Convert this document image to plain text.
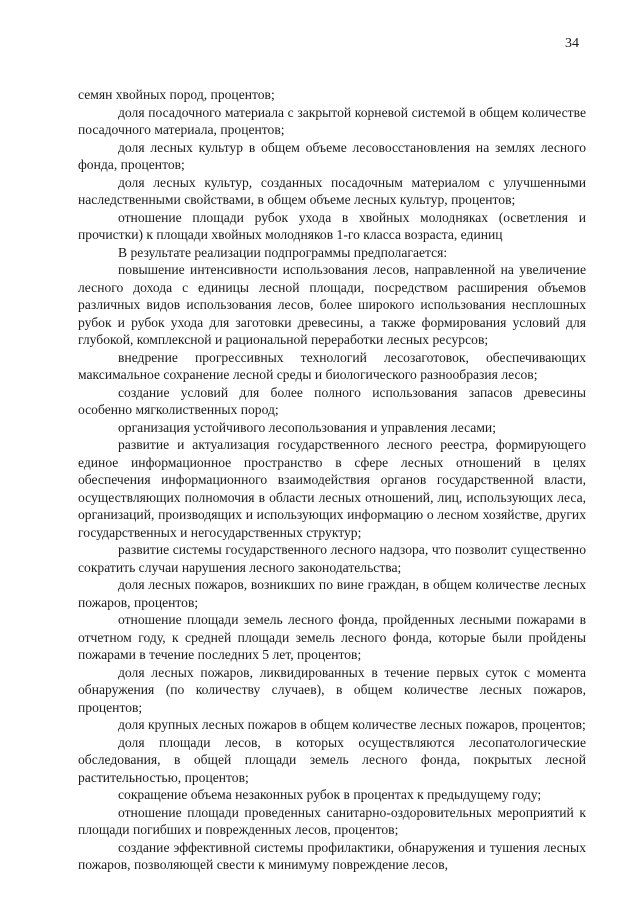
34

семян хвойных пород, процентов;

доля посадочного материала с закрытой корневой системой в общем количестве посадочного материала, процентов;

доля лесных культур в общем объеме лесовосстановления на землях лесного фонда, процентов;

доля лесных культур, созданных посадочным материалом с улучшенными наследственными свойствами, в общем объеме лесных культур, процентов;

отношение площади рубок ухода в хвойных молодняках (осветления и прочистки) к площади хвойных молодняков 1-го класса возраста, единиц

В результате реализации подпрограммы предполагается:

повышение интенсивности использования лесов, направленной на увеличение лесного дохода с единицы лесной площади, посредством расширения объемов различных видов использования лесов, более широкого использования несплошных рубок и рубок ухода для заготовки древесины, а также формирования условий для глубокой, комплексной и рациональной переработки лесных ресурсов;

внедрение прогрессивных технологий лесозаготовок, обеспечивающих максимальное сохранение лесной среды и биологического разнообразия лесов;

создание условий для более полного использования запасов древесины особенно мягколиственных пород;

организация устойчивого лесопользования и управления лесами;

развитие и актуализация государственного лесного реестра, формирующего единое информационное пространство в сфере лесных отношений в целях обеспечения информационного взаимодействия органов государственной власти, осуществляющих полномочия в области лесных отношений, лиц, использующих леса, организаций, производящих и использующих информацию о лесном хозяйстве, других государственных и негосударственных структур;

развитие системы государственного лесного надзора, что позволит существенно сократить случаи нарушения лесного законодательства;

доля лесных пожаров, возникших по вине граждан, в общем количестве лесных пожаров, процентов;

отношение площади земель лесного фонда, пройденных лесными пожарами в отчетном году, к средней площади земель лесного фонда, которые были пройдены пожарами в течение последних 5 лет, процентов;

доля лесных пожаров, ликвидированных в течение первых суток с момента обнаружения (по количеству случаев), в общем количестве лесных пожаров, процентов;

доля крупных лесных пожаров в общем количестве лесных пожаров, процентов;

доля площади лесов, в которых осуществляются лесопатологические обследования, в общей площади земель лесного фонда, покрытых лесной растительностью, процентов;

сокращение объема незаконных рубок в процентах к предыдущему году;

отношение площади проведенных санитарно-оздоровительных мероприятий к площади погибших и поврежденных лесов, процентов;

создание эффективной системы профилактики, обнаружения и тушения лесных пожаров, позволяющей свести к минимуму повреждение лесов,
